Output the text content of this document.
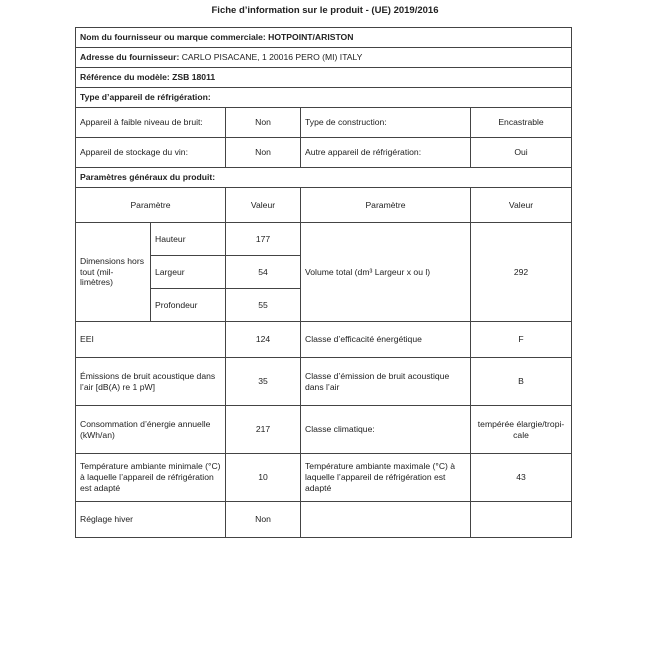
Fiche d’information sur le produit - (UE) 2019/2016
Nom du fournisseur ou marque commerciale: HOTPOINT/ARISTON				
Adresse du fournisseur: CARLO PISACANE, 1 20016 PERO (MI) ITALY				
Référence du modèle: ZSB 18011				
Type d’appareil de réfrigération:				
Appareil à faible niveau de bruit:		Non	Type de construction:	Encastrable
Appareil de stockage du vin:		Non	Autre appareil de réfrigération:	Oui
Paramètres généraux du produit:				
Paramètre		Valeur	Paramètre	Valeur
Dimensions hors tout (mil-limètres)	Hauteur	177	Volume total (dm³ Largeur x ou l)	292
	Largeur	54		
	Profondeur	55		
EEI		124	Classe d’efficacité énergétique	F
Émissions de bruit acoustique dans l’air [dB(A) re 1 pW]		35	Classe d’émission de bruit acoustique dans l’air	B
Consommation d’énergie annuelle (kWh/an)		217	Classe climatique:	tempérée élargie/tropi-cale
Température ambiante minimale (°C) à laquelle l’appareil de réfrigération est adapté		10	Température ambiante maximale (°C) à laquelle l’appareil de réfrigération est adapté	43
Réglage hiver		Non		
